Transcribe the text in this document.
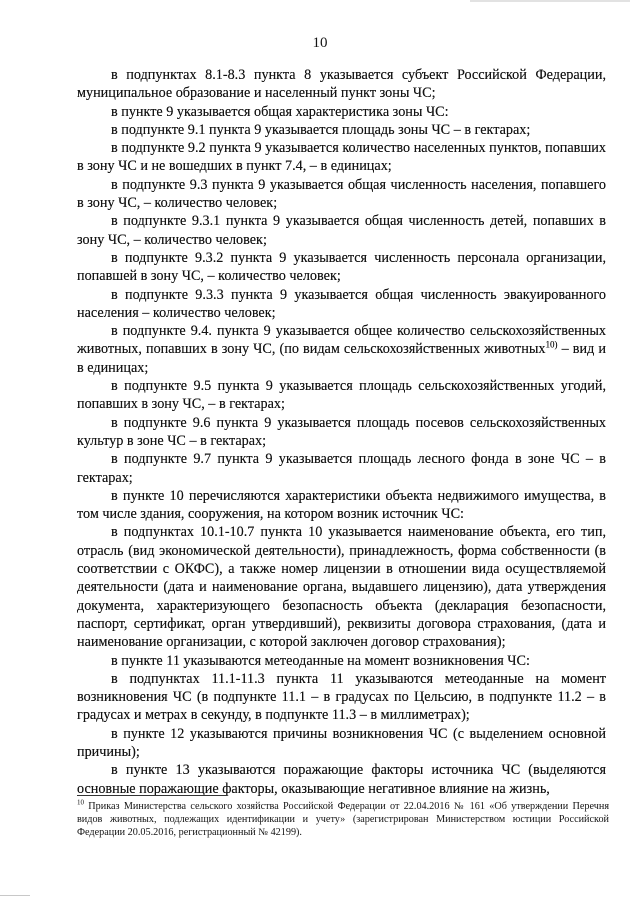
10

в подпунктах 8.1-8.3 пункта 8 указывается субъект Российской Федерации, муниципальное образование и населенный пункт зоны ЧС;

в пункте 9 указывается общая характеристика зоны ЧС:

в подпункте 9.1 пункта 9 указывается площадь зоны ЧС – в гектарах;

в подпункте 9.2 пункта 9 указывается количество населенных пунктов, попавших в зону ЧС и не вошедших в пункт 7.4, – в единицах;

в подпункте 9.3 пункта 9 указывается общая численность населения, попавшего в зону ЧС, – количество человек;

в подпункте 9.3.1 пункта 9 указывается общая численность детей, попавших в зону ЧС, – количество человек;

в подпункте 9.3.2 пункта 9 указывается численность персонала организации, попавшей в зону ЧС, – количество человек;

в подпункте 9.3.3 пункта 9 указывается общая численность эвакуированного населения – количество человек;

в подпункте 9.4. пункта 9 указывается общее количество сельскохозяйственных животных, попавших в зону ЧС, (по видам сельскохозяйственных животных$^{10)}$ – вид и в единицах;

в подпункте 9.5 пункта 9 указывается площадь сельскохозяйственных угодий, попавших в зону ЧС, – в гектарах;

в подпункте 9.6 пункта 9 указывается площадь посевов сельскохозяйственных культур в зоне ЧС – в гектарах;

в подпункте 9.7 пункта 9 указывается площадь лесного фонда в зоне ЧС – в гектарах;

в пункте 10 перечисляются характеристики объекта недвижимого имущества, в том числе здания, сооружения, на котором возник источник ЧС:

в подпунктах 10.1-10.7 пункта 10 указывается наименование объекта, его тип, отрасль (вид экономической деятельности), принадлежность, форма собственности (в соответствии с ОКФС), а также номер лицензии в отношении вида осуществляемой деятельности (дата и наименование органа, выдавшего лицензию), дата утверждения документа, характеризующего безопасность объекта (декларация безопасности, паспорт, сертификат, орган утвердивший), реквизиты договора страхования, (дата и наименование организации, с которой заключен договор страхования);

в пункте 11 указываются метеоданные на момент возникновения ЧС:

в подпунктах 11.1-11.3 пункта 11 указываются метеоданные на момент возникновения ЧС (в подпункте 11.1 – в градусах по Цельсию, в подпункте 11.2 – в градусах и метрах в секунду, в подпункте 11.3 – в миллиметрах);

в пункте 12 указываются причины возникновения ЧС (с выделением основной причины);

в пункте 13 указываются поражающие факторы источника ЧС (выделяются основные поражающие факторы, оказывающие негативное влияние на жизнь,

$^{10}$ Приказ Министерства сельского хозяйства Российской Федерации от 22.04.2016 № 161 «Об утверждении Перечня видов животных, подлежащих идентификации и учету» (зарегистрирован Министерством юстиции Российской Федерации 20.05.2016, регистрационный № 42199).
